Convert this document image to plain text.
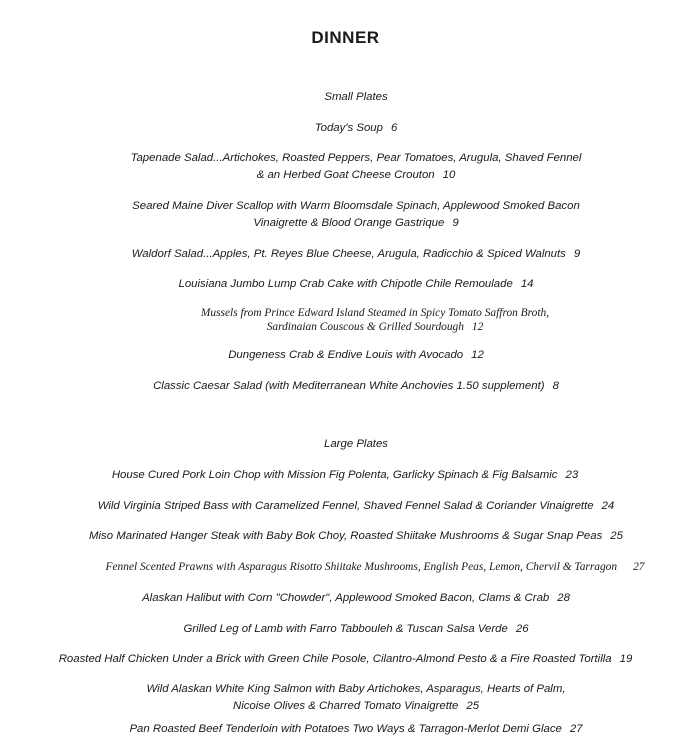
DINNER
Small Plates
Today's Soup 6
Tapenade Salad...Artichokes, Roasted Peppers, Pear Tomatoes, Arugula, Shaved Fennel
& an Herbed Goat Cheese Crouton 10
Seared Maine Diver Scallop with Warm Bloomsdale Spinach, Applewood Smoked Bacon
Vinaigrette & Blood Orange Gastrique 9
Waldorf Salad...Apples, Pt. Reyes Blue Cheese, Arugula, Radicchio & Spiced Walnuts 9
Louisiana Jumbo Lump Crab Cake with Chipotle Chile Remoulade 14
Mussels from Prince Edward Island Steamed in Spicy Tomato Saffron Broth,
Sardinaian Couscous & Grilled Sourdough 12
Dungeness Crab & Endive Louis with Avocado 12
Classic Caesar Salad (with Mediterranean White Anchovies 1.50 supplement) 8
Large Plates
House Cured Pork Loin Chop with Mission Fig Polenta, Garlicky Spinach & Fig Balsamic 23
Wild Virginia Striped Bass with Caramelized Fennel, Shaved Fennel Salad & Coriander Vinaigrette 24
Miso Marinated Hanger Steak with Baby Bok Choy, Roasted Shiitake Mushrooms & Sugar Snap Peas 25
Fennel Scented Prawns with Asparagus Risotto Shiitake Mushrooms, English Peas, Lemon, Chervil & Tarragon 27
Alaskan Halibut with Corn "Chowder", Applewood Smoked Bacon, Clams & Crab 28
Grilled Leg of Lamb with Farro Tabbouleh & Tuscan Salsa Verde 26
Roasted Half Chicken Under a Brick with Green Chile Posole, Cilantro-Almond Pesto & a Fire Roasted Tortilla 19
Wild Alaskan White King Salmon with Baby Artichokes, Asparagus, Hearts of Palm,
Nicoise Olives & Charred Tomato Vinaigrette 25
Pan Roasted Beef Tenderloin with Potatoes Two Ways & Tarragon-Merlot Demi Glace 27
